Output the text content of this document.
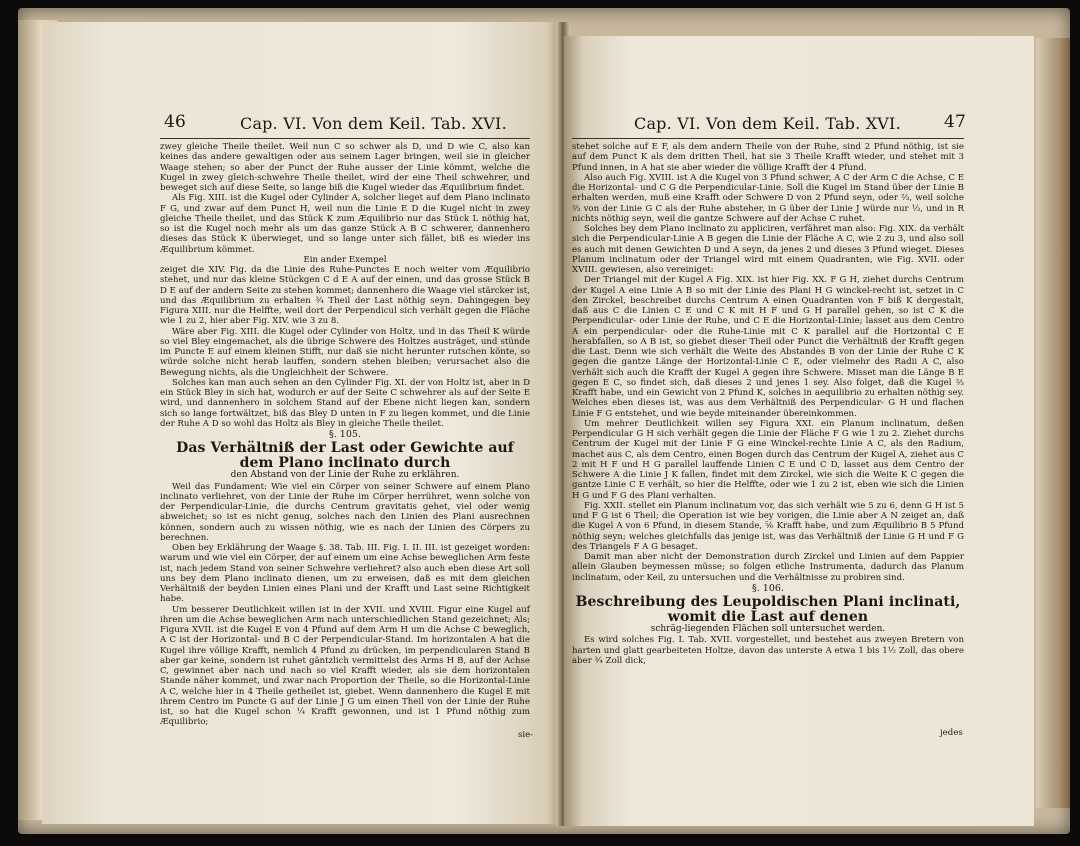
46	Cap. VI. Von dem Keil. Tab. XVI.

zwey gleiche Theile theilet. Weil nun C so schwer als D, und D wie C, also kan keines das andere gewaltigen oder aus seinem Lager bringen, weil sie in gleicher Waage stehen; so aber der Punct der Ruhe ausser der Linie kömmt, welche die Kugel in zwey gleich-schwehre Theile theilet, wird der eine Theil schwehrer, und beweget sich auf diese Seite, so lange biß die Kugel wieder das Æquilibrium findet.

Als Fig. XIII. ist die Kugel oder Cylinder A, solcher lieget auf dem Plano inclinato F G, und zwar auf dem Punct H, weil nun die Linie E D die Kugel nicht in zwey gleiche Theile theilet, und das Stück K zum Æquilibrio nur das Stück L nöthig hat, so ist die Kugel noch mehr als um das ganze Stück A B C schwerer, dannenhero dieses das Stück K überwieget, und so lange unter sich fället, biß es wieder ins Æquilibrium kömmet.

Ein ander Exempel

zeiget die XIV. Fig. da die Linie des Ruhe-Punctes E noch weiter vom Æquilibrio stehet, und nur das kleine Stückgen C d E A auf der einen, und das grosse Stück B D E auf der andern Seite zu stehen kommet; dannenhero die Waage viel stärcker ist, und das Æquilibrium zu erhalten ¾ Theil der Last nöthig seyn. Dahingegen bey Figura XIII. nur die Helffte, weil dort der Perpendicul sich verhält gegen die Fläche wie 1 zu 2, hier aber Fig. XIV. wie 3 zu 8.

Wäre aber Fig. XIII. die Kugel oder Cylinder von Holtz, und in das Theil K würde so viel Bley eingemachet, als die übrige Schwere des Holtzes austräget, und stünde im Puncte E auf einem kleinen Stifft, nur daß sie nicht herunter rutschen könte, so würde solche nicht herab lauffen, sondern stehen bleiben; verursachet also die Bewegung nichts, als die Ungleichheit der Schwere.

Solches kan man auch sehen an den Cylinder Fig. XI. der von Holtz ist, aber in D ein Stück Bley in sich hat, wodurch er auf der Seite C schwehrer als auf der Seite E wird, und dannenhero in solchem Stand auf der Ebene nicht liegen kan, sondern sich so lange fortwältzet, biß das Bley D unten in F zu liegen kommet, und die Linie der Ruhe A D so wohl das Holtz als Bley in gleiche Theile theilet.

§. 105.
Das Verhältniß der Last oder Gewichte auf dem Plano inclinato durch
den Abstand von der Linie der Ruhe zu erklähren.

Weil das Fundament: Wie viel ein Cörper von seiner Schwere auf einem Plano inclinato verliehret, von der Linie der Ruhe im Cörper herrühret, wenn solche von der Perpendicular-Linie, die durchs Centrum gravitatis gehet, viel oder wenig abweichet; so ist es nicht genug, solches nach den Linien des Plani ausrechnen können, sondern auch zu wissen nöthig, wie es nach der Linien des Cörpers zu berechnen.

Oben bey Erklährung der Waage §. 38. Tab. III. Fig. I. II. III. ist gezeiget worden: warum und wie viel ein Cörper, der auf einem um eine Achse beweglichen Arm feste ist, nach jedem Stand von seiner Schwehre verliehret? also auch eben diese Art soll uns bey dem Plano inclinato dienen, um zu erweisen, daß es mit dem gleichen Verhältniß der beyden Linien eines Plani und der Krafft und Last seine Richtigkeit habe.

Um besserer Deutlichkeit willen ist in der XVII. und XVIII. Figur eine Kugel auf ihren um die Achse beweglichen Arm nach unterschiedlichen Stand gezeichnet; Als; Figura XVII. ist die Kugel E von 4 Pfund auf dem Arm H um die Achse C beweglich, A C ist der Horizontal- und B C der Perpendicular-Stand. Im horizontalen A hat die Kugel ihre völlige Krafft, nemlich 4 Pfund zu drücken, im perpendicularen Stand B aber gar keine, sondern ist ruhet gäntzlich vermittelst des Arms H B, auf der Achse C, gewinnet aber nach und nach so viel Krafft wieder, als sie dem horizontalen Stande näher kommet, und zwar nach Proportion der Theile, so die Horizontal-Linie A C, welche hier in 4 Theile getheilet ist, giebet. Wenn dannenhero die Kugel E mit ihrem Centro im Puncte G auf der Linie J G um einen Theil von der Linie der Ruhe ist, so hat die Kugel schon ¼ Krafft gewonnen, und ist 1 Pfund nöthig zum Æquilibrio;

sie-
Cap. VI. Von dem Keil. Tab. XVI.	47

stehet solche auf E F, als dem andern Theile von der Ruhe, sind 2 Pfund nöthig, ist sie auf dem Punct K als dem dritten Theil, hat sie 3 Theile Krafft wieder, und stehet mit 3 Pfund innen, in A hat sie aber wieder die völlige Krafft der 4 Pfund.

Also auch Fig. XVIII. ist A die Kugel von 3 Pfund schwer, A C der Arm C die Achse, C E die Horizontal- und C G die Perpendicular-Linie. Soll die Kugel im Stand über der Linie B erhalten werden, muß eine Krafft oder Schwere D von 2 Pfund seyn, oder ⅔, weil solche ⅔ von der Linie G C als der Ruhe absteher, in G über der Linie J würde nur ⅓, und in R nichts nöthig seyn, weil die gantze Schwere auf der Achse C ruhet.

Solches bey dem Plano inclinato zu appliciren, verfähret man also: Fig. XIX. da verhält sich die Perpendicular-Linie A B gegen die Linie der Fläche A C, wie 2 zu 3, und also soll es auch mit denen Gewichten D und A seyn, da jenes 2 und dieses 3 Pfund wieget. Dieses Planum inclinatum oder der Triangel wird mit einem Quadranten, wie Fig. XVII. oder XVIII. gewiesen, also vereiniget:

Der Triangel mit der Kugel A Fig. XIX. ist hier Fig. XX. F G H, ziehet durchs Centrum der Kugel A eine Linie A B so mit der Linie des Plani H G winckel-recht ist, setzet in C den Zirckel, beschreibet durchs Centrum A einen Quadranten von F biß K dergestalt, daß aus C die Linien C E und C K mit H F und G H parallel gehen, so ist C K die Perpendicular- oder Linie der Ruhe, und C E die Horizontal-Linie; lasset aus dem Centro A ein perpendicular- oder die Ruhe-Linie mit C K parallel auf die Horizontal C E herabfallen, so A B ist, so giebet dieser Theil oder Punct die Verhältniß der Krafft gegen die Last. Denn wie sich verhält die Weite des Abstandes B von der Linie der Ruhe C K gegen die gantze Länge der Horizontal-Linie C E, oder vielmehr des Radii A C, also verhält sich auch die Krafft der Kugel A gegen ihre Schwere. Misset man die Länge B E gegen E C, so findet sich, daß dieses 2 und jenes 1 sey. Also folget, daß die Kugel ⅔ Krafft habe, und ein Gewicht von 2 Pfund K, solches in aequilibrio zu erhalten nöthig sey. Welches eben dieses ist, was aus dem Verhältniß des Perpendicular- G H und flachen Linie F G entstehet, und wie beyde miteinander übereinkommen.

Um mehrer Deutlichkeit willen sey Figura XXI. ein Planum inclinatum, deßen Perpendicular G H sich verhält gegen die Linie der Fläche F G wie 1 zu 2. Ziehet durchs Centrum der Kugel mit der Linie F G eine Winckel-rechte Linie A C, als den Radium, machet aus C, als dem Centro, einen Bogen durch das Centrum der Kugel A, ziehet aus C 2 mit H F und H G parallel lauffende Linien C E und C D, lasset aus dem Centro der Schwere A die Linie J K fallen, findet mit dem Zirckel, wie sich die Weite K C gegen die gantze Linie C E verhält, so hier die Helffte, oder wie 1 zu 2 ist, eben wie sich die Linien H G und F G des Plani verhalten.

Fig. XXII. stellet ein Planum inclinatum vor, das sich verhält wie 5 zu 6, denn G H ist 5 und F G ist 6 Theil; die Operation ist wie bey vorigen, die Linie aber A N zeiget an, daß die Kugel A von 6 Pfund, in diesem Stande, ⅚ Krafft habe, und zum Æquilibrio B 5 Pfund nöthig seyn; welches gleichfalls das jenige ist, was das Verhältniß der Linie G H und F G des Triangels F A G besaget.

Damit man aber nicht der Demonstration durch Zirckel und Linien auf dem Pappier allein Glauben beymessen müsse; so folgen etliche Instrumenta, dadurch das Planum inclinatum, oder Keil, zu untersuchen und die Verhältnisse zu probiren sind.

§. 106.
Beschreibung des Leupoldischen Plani inclinati, womit die Last auf denen
schräg-liegenden Flächen soll untersuchet werden.

Es wird solches Fig. I. Tab. XVII. vorgestellet, und bestehet aus zweyen Bretern von harten und glatt gearbeiteten Holtze, davon das unterste A etwa 1 bis 1½ Zoll, das obere aber ¾ Zoll dick,

jedes
